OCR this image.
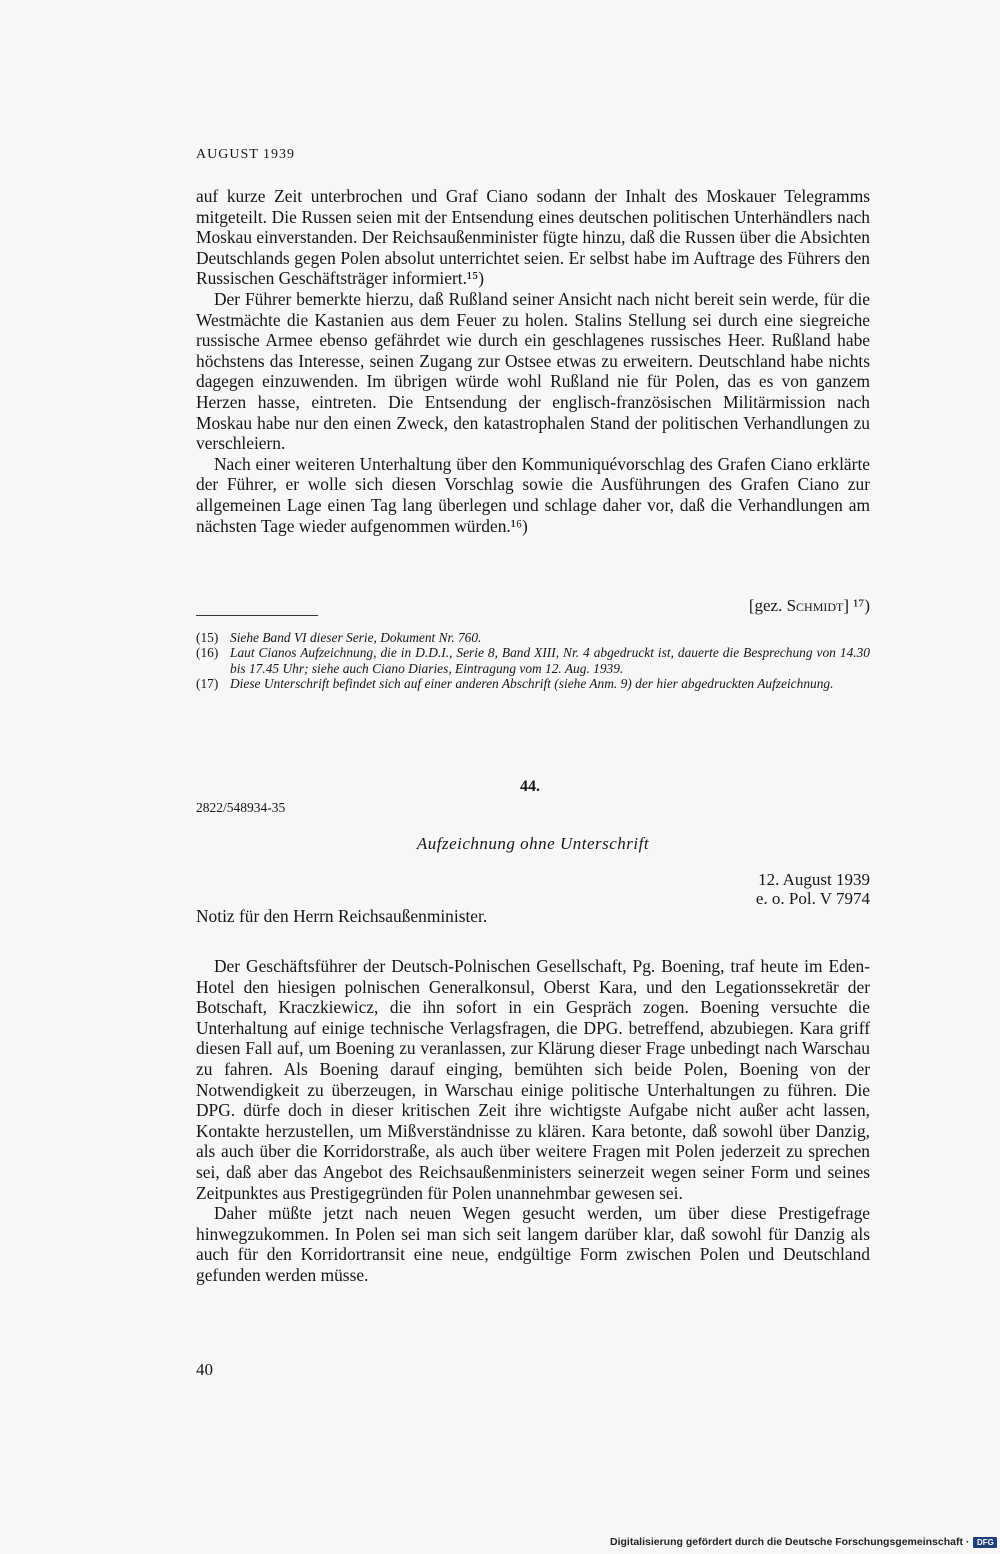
AUGUST 1939

auf kurze Zeit unterbrochen und Graf Ciano sodann der Inhalt des Moskauer Telegramms mitgeteilt. Die Russen seien mit der Entsendung eines deutschen politischen Unterhändlers nach Moskau einverstanden. Der Reichsaußenminister fügte hinzu, daß die Russen über die Absichten Deutschlands gegen Polen absolut unterrichtet seien. Er selbst habe im Auftrage des Führers den Russischen Geschäftsträger informiert.¹⁵)

Der Führer bemerkte hierzu, daß Rußland seiner Ansicht nach nicht bereit sein werde, für die Westmächte die Kastanien aus dem Feuer zu holen. Stalins Stellung sei durch eine siegreiche russische Armee ebenso gefährdet wie durch ein geschlagenes russisches Heer. Rußland habe höchstens das Interesse, seinen Zugang zur Ostsee etwas zu erweitern. Deutschland habe nichts dagegen einzuwenden. Im übrigen würde wohl Rußland nie für Polen, das es von ganzem Herzen hasse, eintreten. Die Entsendung der englisch-französischen Militärmission nach Moskau habe nur den einen Zweck, den katastrophalen Stand der politischen Verhandlungen zu verschleiern.

Nach einer weiteren Unterhaltung über den Kommuniquévorschlag des Grafen Ciano erklärte der Führer, er wolle sich diesen Vorschlag sowie die Ausführungen des Grafen Ciano zur allgemeinen Lage einen Tag lang überlegen und schlage daher vor, daß die Verhandlungen am nächsten Tage wieder aufgenommen würden.¹⁶)

[gez. Schmidt] ¹⁷)
(15) Siehe Band VI dieser Serie, Dokument Nr. 760.
(16) Laut Cianos Aufzeichnung, die in D.D.I., Serie 8, Band XIII, Nr. 4 abgedruckt ist, dauerte die Besprechung von 14.30 bis 17.45 Uhr; siehe auch Ciano Diaries, Eintragung vom 12. Aug. 1939.
(17) Diese Unterschrift befindet sich auf einer anderen Abschrift (siehe Anm. 9) der hier abgedruckten Aufzeichnung.
44.
2822/548934-35
Aufzeichnung ohne Unterschrift
12. August 1939
e. o. Pol. V 7974
Notiz für den Herrn Reichsaußenminister.

Der Geschäftsführer der Deutsch-Polnischen Gesellschaft, Pg. Boening, traf heute im Eden-Hotel den hiesigen polnischen Generalkonsul, Oberst Kara, und den Legationssekretär der Botschaft, Kraczkiewicz, die ihn sofort in ein Gespräch zogen. Boening versuchte die Unterhaltung auf einige technische Verlagsfragen, die DPG. betreffend, abzubiegen. Kara griff diesen Fall auf, um Boening zu veranlassen, zur Klärung dieser Frage unbedingt nach Warschau zu fahren. Als Boening darauf einging, bemühten sich beide Polen, Boening von der Notwendigkeit zu überzeugen, in Warschau einige politische Unterhaltungen zu führen. Die DPG. dürfe doch in dieser kritischen Zeit ihre wichtigste Aufgabe nicht außer acht lassen, Kontakte herzustellen, um Mißverständnisse zu klären. Kara betonte, daß sowohl über Danzig, als auch über die Korridorstraße, als auch über weitere Fragen mit Polen jederzeit zu sprechen sei, daß aber das Angebot des Reichsaußenministers seinerzeit wegen seiner Form und seines Zeitpunktes aus Prestigegründen für Polen unannehmbar gewesen sei.

Daher müßte jetzt nach neuen Wegen gesucht werden, um über diese Prestigefrage hinwegzukommen. In Polen sei man sich seit langem darüber klar, daß sowohl für Danzig als auch für den Korridortransit eine neue, endgültige Form zwischen Polen und Deutschland gefunden werden müsse.

40
Digitalisierung gefördert durch die Deutsche Forschungsgemeinschaft · DFG
